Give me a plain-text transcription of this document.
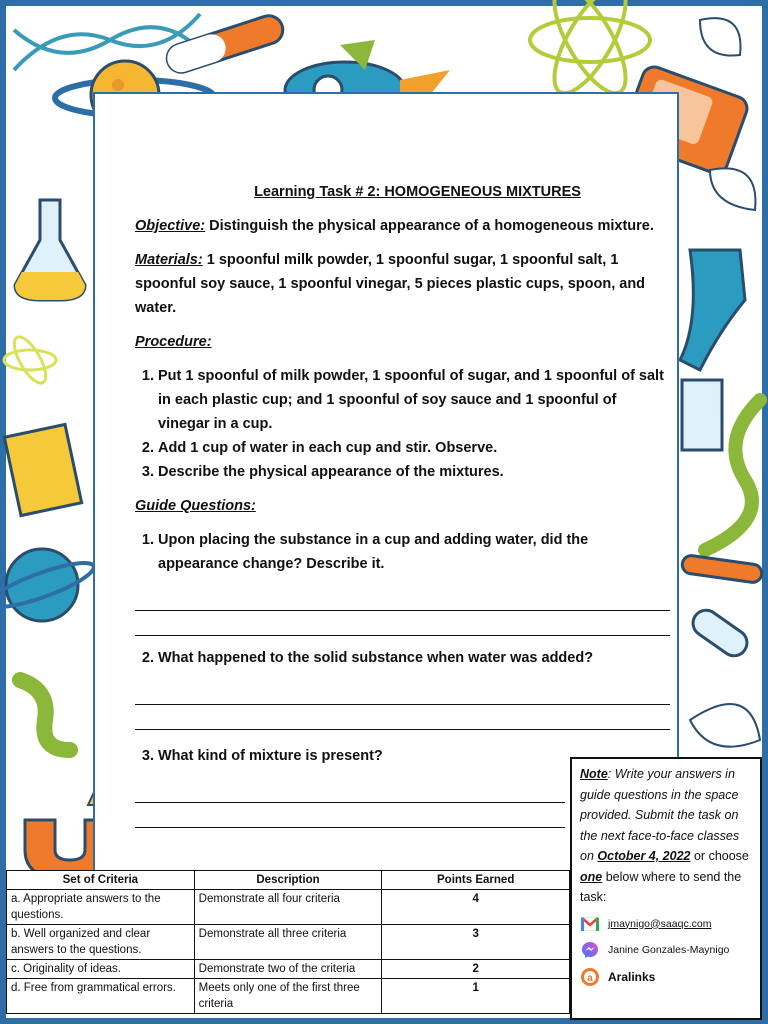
Learning Task # 2: HOMOGENEOUS MIXTURES
Objective: Distinguish the physical appearance of a homogeneous mixture.
Materials: 1 spoonful milk powder, 1 spoonful sugar, 1 spoonful salt, 1 spoonful soy sauce, 1 spoonful vinegar, 5 pieces plastic cups, spoon, and water.
Procedure:
1. Put 1 spoonful of milk powder, 1 spoonful of sugar, and 1 spoonful of salt in each plastic cup; and 1 spoonful of soy sauce and 1 spoonful of vinegar in a cup.
2. Add 1 cup of water in each cup and stir. Observe.
3. Describe the physical appearance of the mixtures.
Guide Questions:
1. Upon placing the substance in a cup and adding water, did the appearance change? Describe it.
2. What happened to the solid substance when water was added?
3. What kind of mixture is present?
Note: Write your answers in guide questions in the space provided. Submit the task on the next face-to-face classes on October 4, 2022 or choose one below where to send the task:
jmaynigo@saaqc.com
Janine Gonzales-Maynigo
a Aralinks
Set of Criteria	Description	Points Earned
a. Appropriate answers to the questions.	Demonstrate all four criteria	4
b. Well organized and clear answers to the questions.	Demonstrate all three criteria	3
c. Originality of ideas.	Demonstrate two of the criteria	2
d. Free from grammatical errors.	Meets only one of the first three criteria	1
